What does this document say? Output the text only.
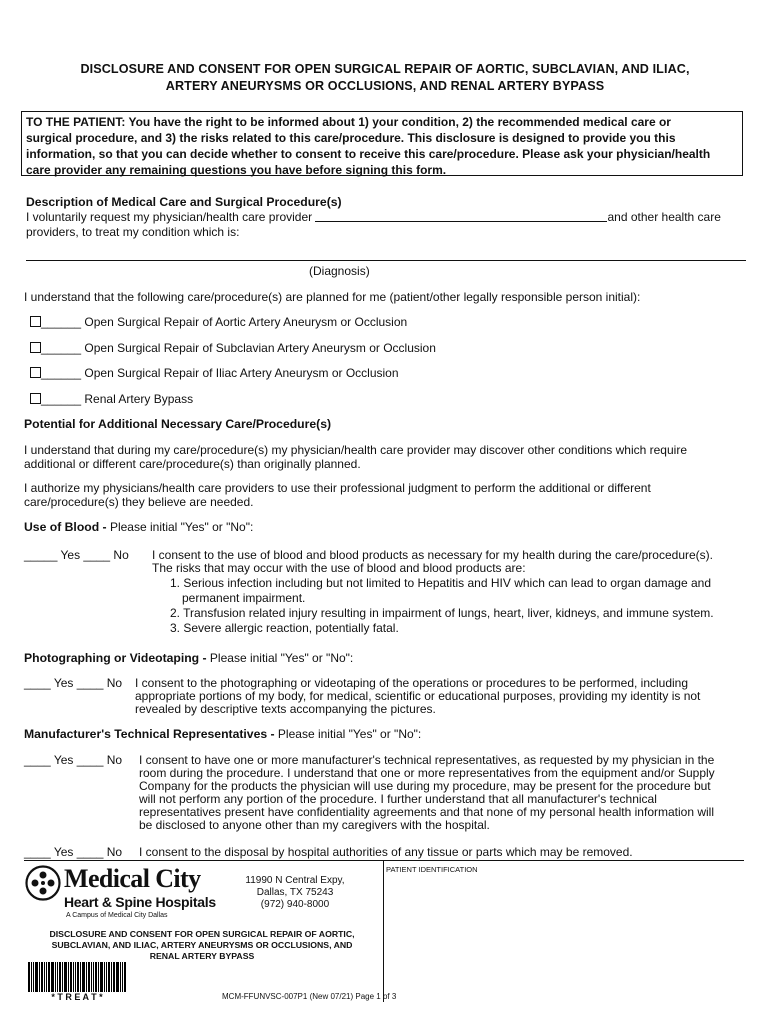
DISCLOSURE AND CONSENT FOR OPEN SURGICAL REPAIR OF AORTIC, SUBCLAVIAN, AND ILIAC,
ARTERY ANEURYSMS OR OCCLUSIONS, AND RENAL ARTERY BYPASS
TO THE PATIENT: You have the right to be informed about 1) your condition, 2) the recommended medical care or
surgical procedure, and 3) the risks related to this care/procedure. This disclosure is designed to provide you this
information, so that you can decide whether to consent to receive this care/procedure. Please ask your physician/health
care provider any remaining questions you have before signing this form.
Description of Medical Care and Surgical Procedure(s)
I voluntarily request my physician/health care provider	and other health care
providers, to treat my condition which is:
(Diagnosis)
I understand that the following care/procedure(s) are planned for me (patient/other legally responsible person initial):
______ Open Surgical Repair of Aortic Artery Aneurysm or Occlusion
______ Open Surgical Repair of Subclavian Artery Aneurysm or Occlusion
______ Open Surgical Repair of Iliac Artery Aneurysm or Occlusion
______ Renal Artery Bypass
Potential for Additional Necessary Care/Procedure(s)
I understand that during my care/procedure(s) my physician/health care provider may discover other conditions which require
additional or different care/procedure(s) than originally planned.
I authorize my physicians/health care providers to use their professional judgment to perform the additional or different
care/procedure(s) they believe are needed.
Use of Blood - Please initial "Yes" or "No":
_____ Yes ____ No I consent to the use of blood and blood products as necessary for my health during the care/procedure(s).
The risks that may occur with the use of blood and blood products are:
1. Serious infection including but not limited to Hepatitis and HIV which can lead to organ damage and
permanent impairment.
2. Transfusion related injury resulting in impairment of lungs, heart, liver, kidneys, and immune system.
3. Severe allergic reaction, potentially fatal.
Photographing or Videotaping - Please initial "Yes" or "No":
____ Yes ____ No I consent to the photographing or videotaping of the operations or procedures to be performed, including
appropriate portions of my body, for medical, scientific or educational purposes, providing my identity is not
revealed by descriptive texts accompanying the pictures.
Manufacturer's Technical Representatives - Please initial "Yes" or "No":
____ Yes ____ No I consent to have one or more manufacturer's technical representatives, as requested by my physician in the
room during the procedure. I understand that one or more representatives from the equipment and/or Supply
Company for the products the physician will use during my procedure, may be present for the procedure but
will not perform any portion of the procedure. I further understand that all manufacturer's technical
representatives present have confidentiality agreements and that none of my personal health information will
be disclosed to anyone other than my caregivers with the hospital.
____ Yes ____ No I consent to the disposal by hospital authorities of any tissue or parts which may be removed.
PATIENT IDENTIFICATION
Medical City
Heart & Spine Hospitals
A Campus of Medical City Dallas
11990 N Central Expy,
Dallas, TX 75243
(972) 940-8000
DISCLOSURE AND CONSENT FOR OPEN SURGICAL REPAIR OF AORTIC,
SUBCLAVIAN, AND ILIAC, ARTERY ANEURYSMS OR OCCLUSIONS, AND
RENAL ARTERY BYPASS
* T R E A T *	MCM-FFUNVSC-007P1 (New 07/21) Page 1 of 3
